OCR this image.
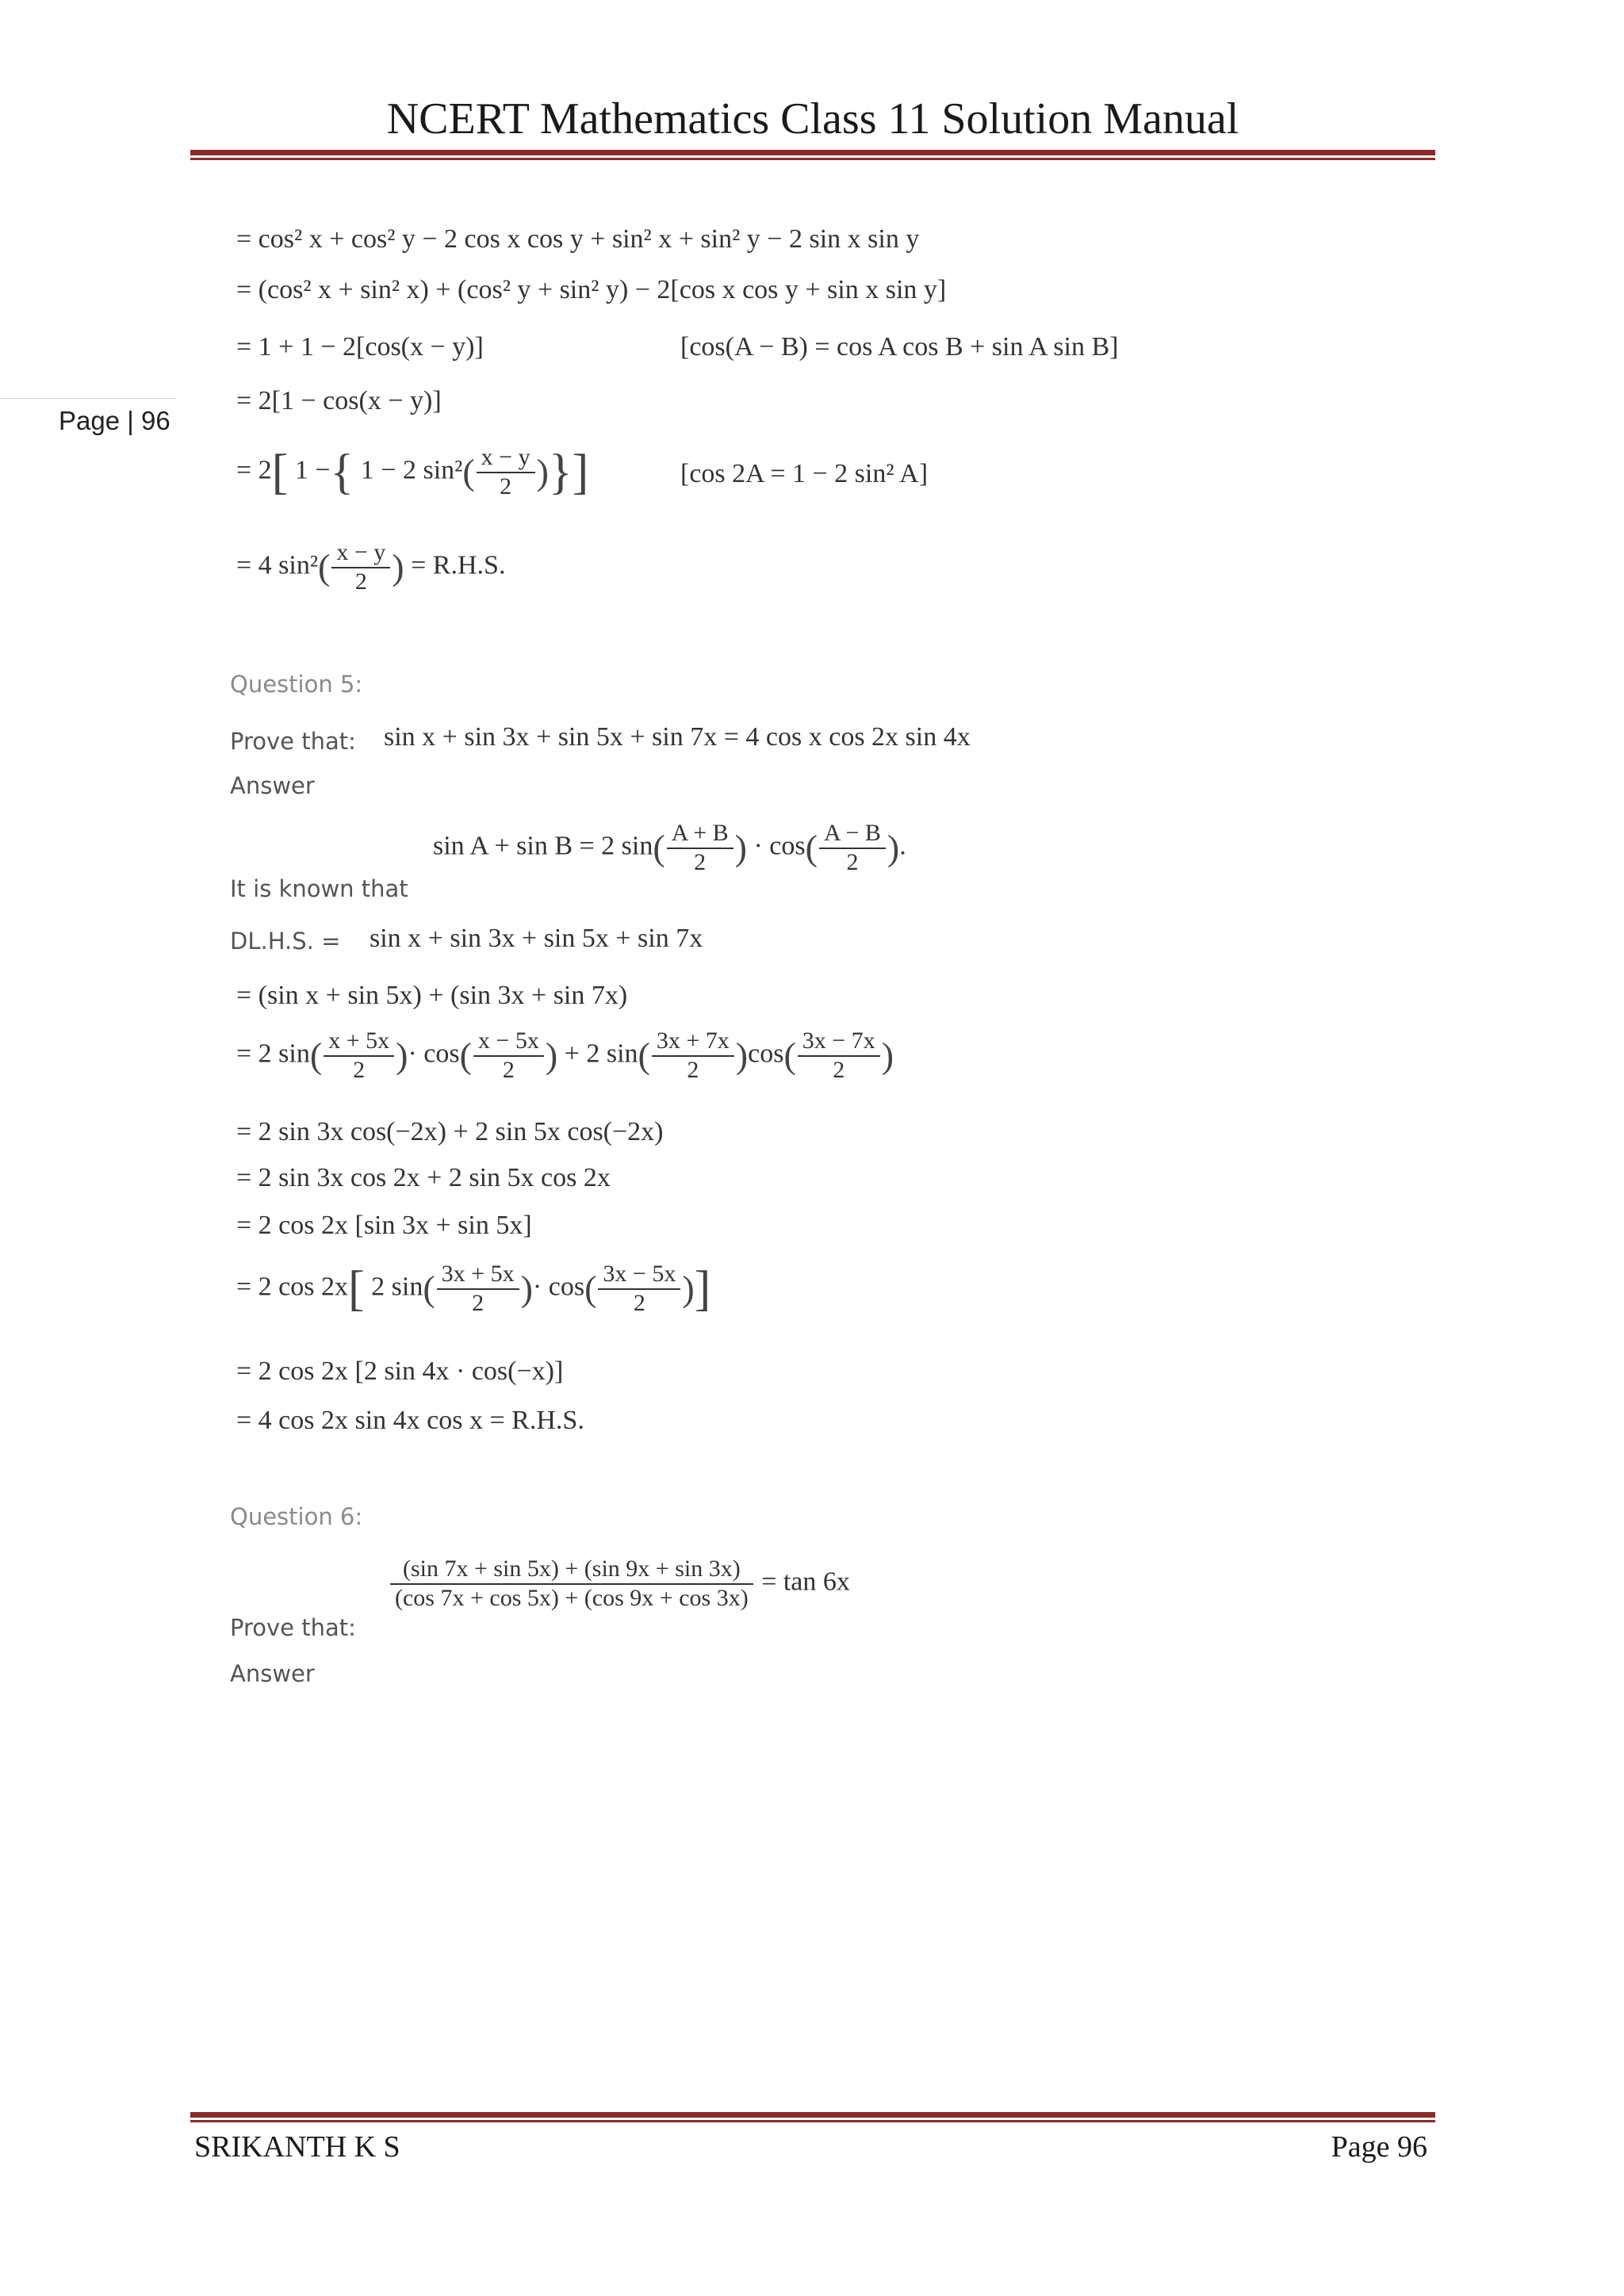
NCERT Mathematics Class 11 Solution Manual
Page | 96
= cos² x + cos² y − 2 cos x cos y + sin² x + sin² y − 2 sin x sin y
= (cos² x + sin² x) + (cos² y + sin² y) − 2[cos x cos y + sin x sin y]
= 1 + 1 − 2[cos(x − y)]	[cos(A − B) = cos A cos B + sin A sin B]
= 2[1 − cos(x − y)]
= 2[ 1 −{ 1 − 2 $\sin^2( \frac{x - y}{2}$ )}]	[cos 2A = 1 − 2 sin² A]
= 4 $\sin^2( \frac{x - y}{2}$ ) = R.H.S.
Question 5:
Prove that: sin x + sin 3x + sin 5x + sin 7x = 4 cos x cos 2x sin 4x
Answer
It is known that
sin A + sin B = 2 $\sin( \frac{A + B}{2}$ ) · $\cos( \frac{A - B}{2}$ ).
DL.H.S. = sin x + sin 3x + sin 5x + sin 7x
= (sin x + sin 5x) + (sin 3x + sin 7x)
= 2 $\sin( \frac{x + 5x}{2}$ )· $\cos( \frac{x - 5x}{2}$ ) + 2 $\sin( \frac{3x + 7x}{2} )\cos( \frac{3x - 7x}{2}$ )
= 2 sin 3x cos(−2x) + 2 sin 5x cos(−2x)
= 2 sin 3x cos 2x + 2 sin 5x cos 2x
= 2 cos 2x [sin 3x + sin 5x]
= 2 cos 2x[ 2 $\sin( \frac{3x + 5x}{2}$ )· $\cos( \frac{3x - 5x}{2}$ )]
= 2 cos 2x [2 sin 4x · cos(−x)]
= 4 cos 2x sin 4x cos x = R.H.S.
Question 6:
Prove that:
$\frac{(\sin 7x + \sin 5x) + (\sin 9x + \sin 3x)}{(\cos 7x + \cos 5x) + (\cos 9x + \cos 3x)} = \tan 6x$
Answer
SRIKANTH K S	Page 96
